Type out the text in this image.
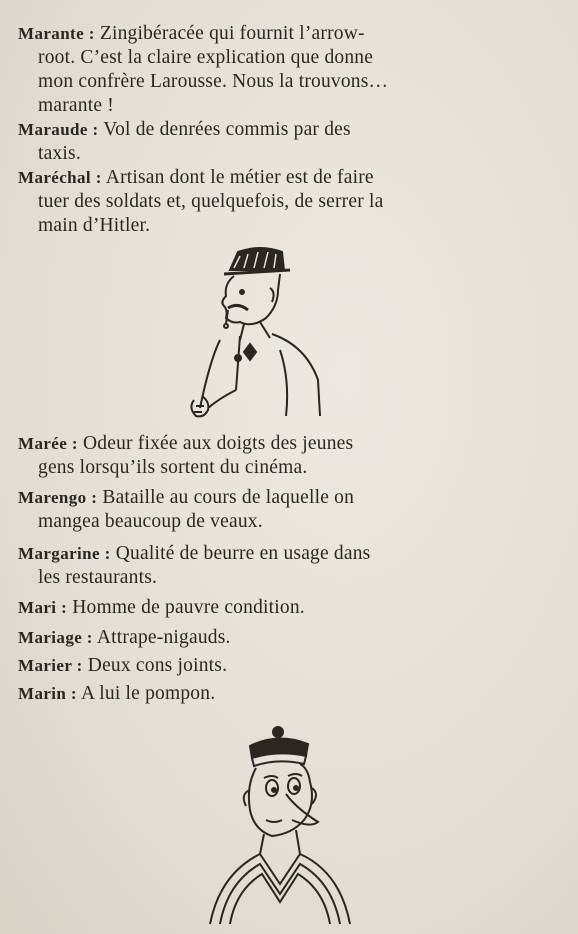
Marante : Zingibéracée qui fournit l’arrow-
root. C’est la claire explication que donne
mon confrère Larousse. Nous la trouvons…
marante !
Maraude : Vol de denrées commis par des
taxis.
Maréchal : Artisan dont le métier est de faire
tuer des soldats et, quelquefois, de serrer la
main d’Hitler.
Marée : Odeur fixée aux doigts des jeunes
gens lorsqu’ils sortent du cinéma.
Marengo : Bataille au cours de laquelle on
mangea beaucoup de veaux.
Margarine : Qualité de beurre en usage dans
les restaurants.
Mari : Homme de pauvre condition.
Mariage : Attrape-nigauds.
Marier : Deux cons joints.
Marin : A lui le pompon.
